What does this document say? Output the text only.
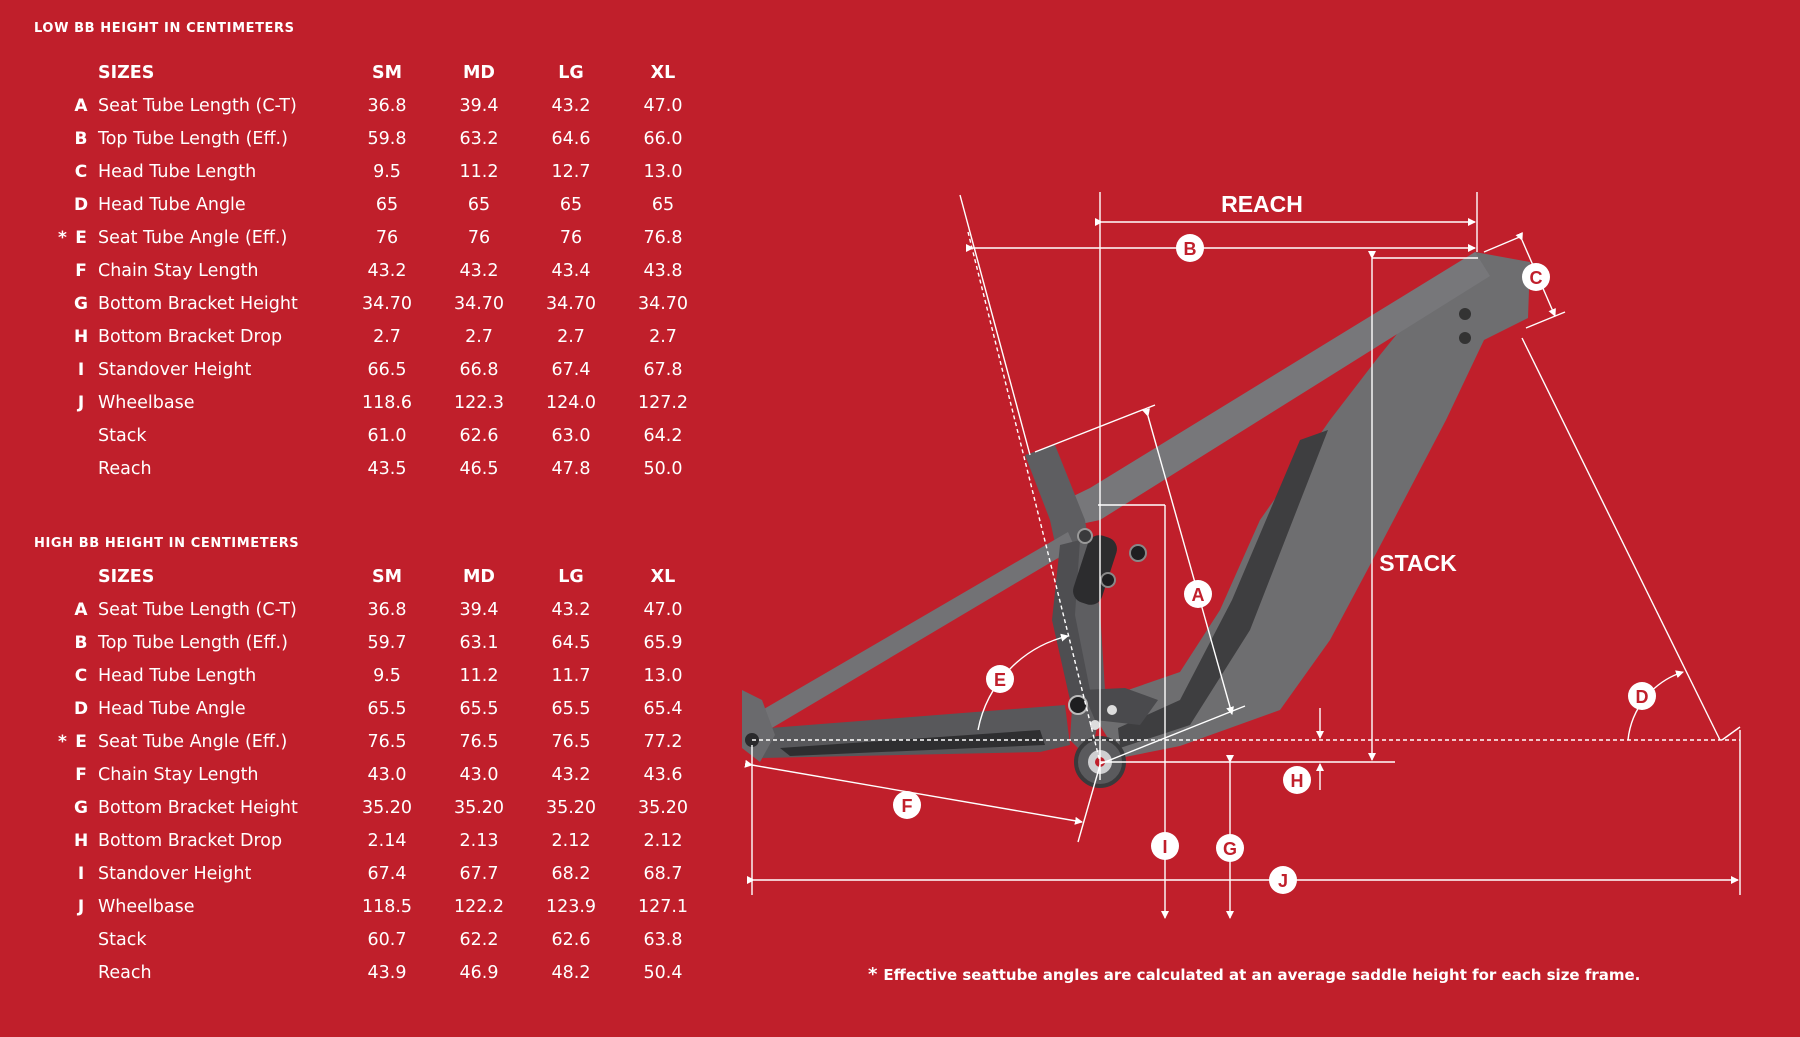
LOW BB HEIGHT IN CENTIMETERS
SIZES	SM	MD	LG	XL
A Seat Tube Length (C-T)	36.8	39.4	43.2	47.0
B Top Tube Length (Eff.)	59.8	63.2	64.6	66.0
C Head Tube Length	9.5	11.2	12.7	13.0
D Head Tube Angle	65	65	65	65
* E Seat Tube Angle (Eff.)	76	76	76	76.8
F Chain Stay Length	43.2	43.2	43.4	43.8
G Bottom Bracket Height	34.70	34.70	34.70	34.70
H Bottom Bracket Drop	2.7	2.7	2.7	2.7
I Standover Height	66.5	66.8	67.4	67.8
J Wheelbase	118.6	122.3	124.0	127.2
Stack	61.0	62.6	63.0	64.2
Reach	43.5	46.5	47.8	50.0
HIGH BB HEIGHT IN CENTIMETERS
SIZES	SM	MD	LG	XL
A Seat Tube Length (C-T)	36.8	39.4	43.2	47.0
B Top Tube Length (Eff.)	59.7	63.1	64.5	65.9
C Head Tube Length	9.5	11.2	11.7	13.0
D Head Tube Angle	65.5	65.5	65.5	65.4
* E Seat Tube Angle (Eff.)	76.5	76.5	76.5	77.2
F Chain Stay Length	43.0	43.0	43.2	43.6
G Bottom Bracket Height	35.20	35.20	35.20	35.20
H Bottom Bracket Drop	2.14	2.13	2.12	2.12
I Standover Height	67.4	67.7	68.2	68.7
J Wheelbase	118.5	122.2	123.9	127.1
Stack	60.7	62.2	62.6	63.8
Reach	43.9	46.9	48.2	50.4
REACH
STACK
B
C
A
E
D
H
F
I	G
J
* Effective seattube angles are calculated at an average saddle height for each size frame.
